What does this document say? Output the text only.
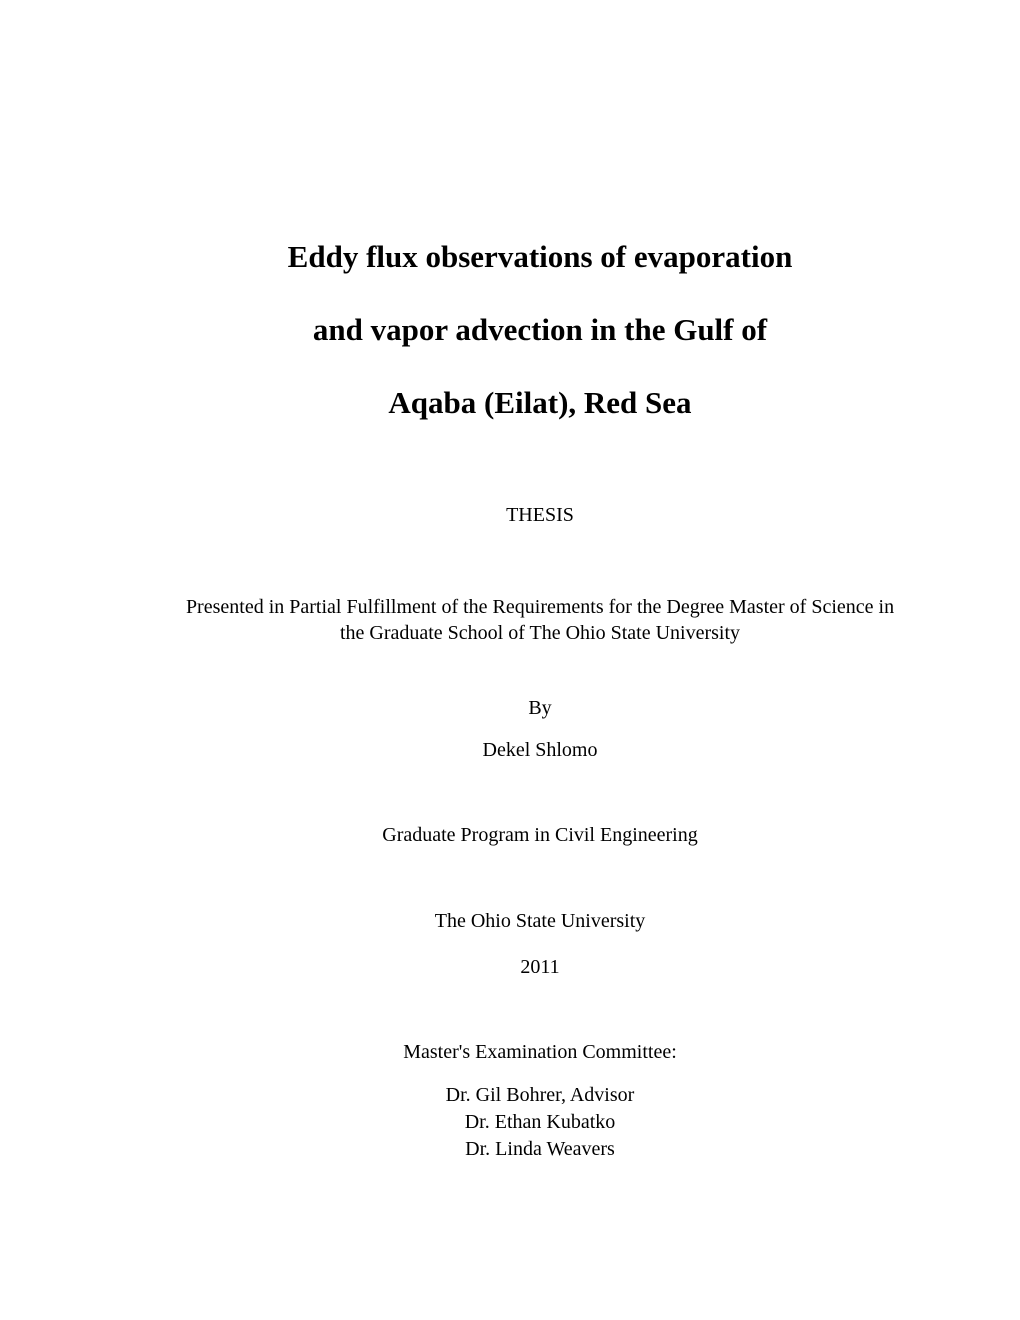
Eddy flux observations of evaporation
and vapor advection in the Gulf of
Aqaba (Eilat), Red Sea
THESIS
Presented in Partial Fulfillment of the Requirements for the Degree Master of Science in
the Graduate School of The Ohio State University
By
Dekel Shlomo
Graduate Program in Civil Engineering
The Ohio State University
2011
Master's Examination Committee:
Dr. Gil Bohrer, Advisor
Dr. Ethan Kubatko
Dr. Linda Weavers
